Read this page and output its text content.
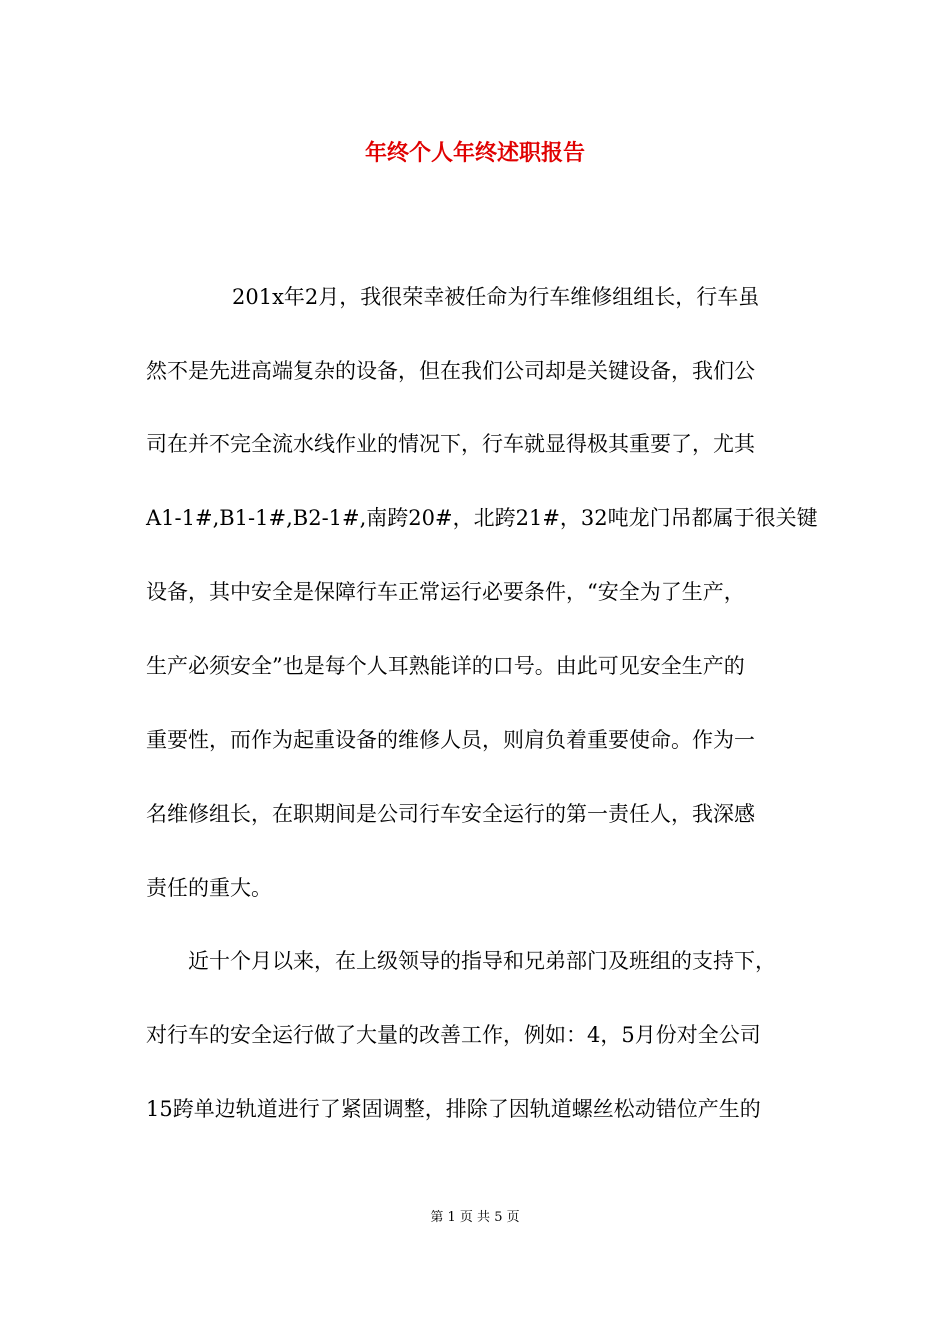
年终个人年终述职报告
201x年2月，我很荣幸被任命为行车维修组组长，行车虽
然不是先进高端复杂的设备，但在我们公司却是关键设备，我们公
司在并不完全流水线作业的情况下，行车就显得极其重要了，尤其
A1-1#,B1-1#,B2-1#,南跨20#，北跨21#，32吨龙门吊都属于很关键
设备，其中安全是保障行车正常运行必要条件，“安全为了生产，
生产必须安全”也是每个人耳熟能详的口号。由此可见安全生产的
重要性，而作为起重设备的维修人员，则肩负着重要使命。作为一
名维修组长，在职期间是公司行车安全运行的第一责任人，我深感
责任的重大。
近十个月以来，在上级领导的指导和兄弟部门及班组的支持下，
对行车的安全运行做了大量的改善工作，例如：4，5月份对全公司
15跨单边轨道进行了紧固调整，排除了因轨道螺丝松动错位产生的
第 1 页 共 5 页
